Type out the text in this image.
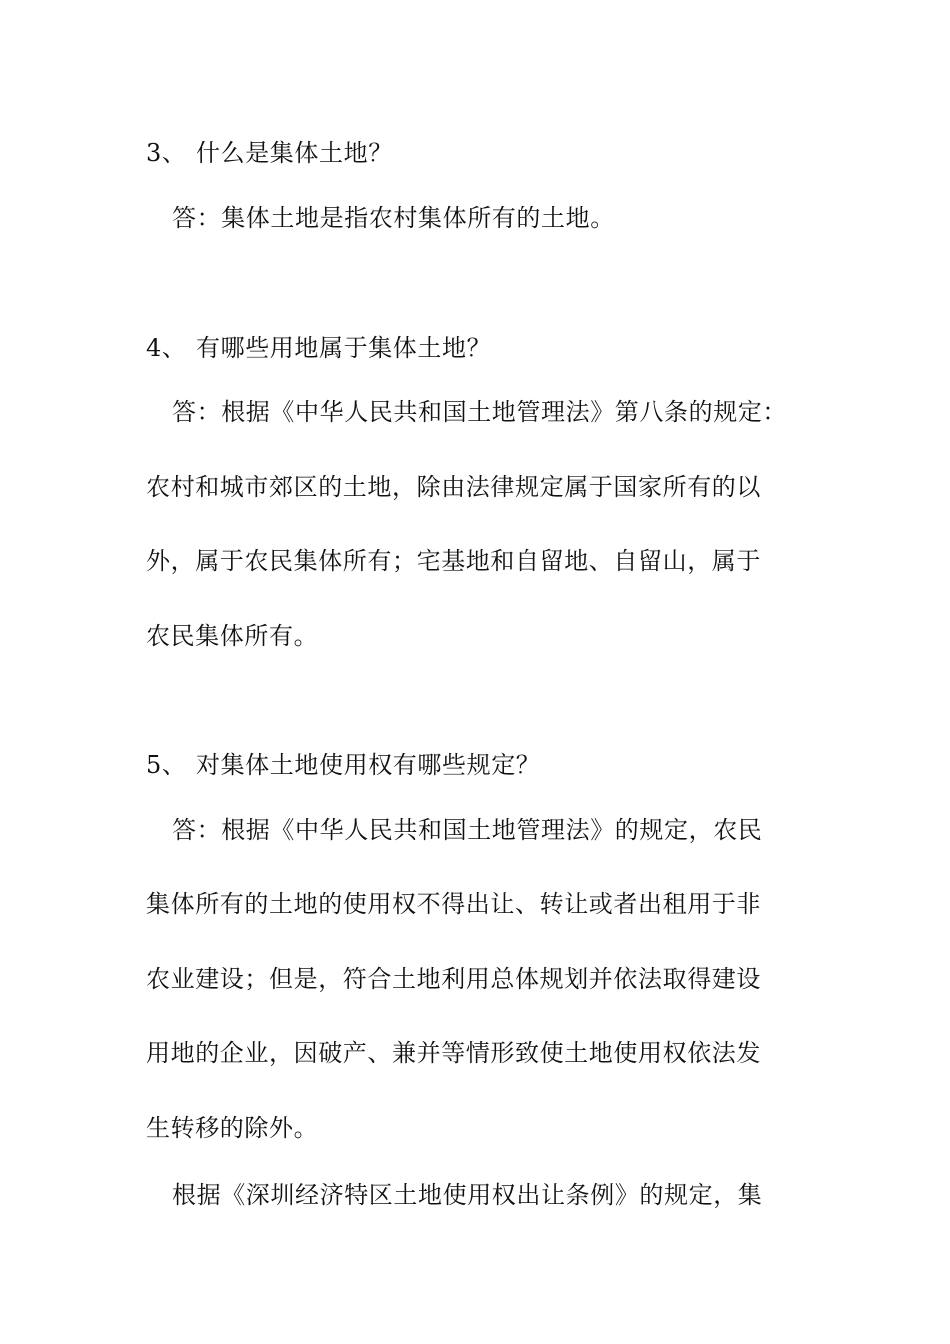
3、 什么是集体土地？
答：集体土地是指农村集体所有的土地。
4、 有哪些用地属于集体土地？
答：根据《中华人民共和国土地管理法》第八条的规定：
农村和城市郊区的土地，除由法律规定属于国家所有的以
外，属于农民集体所有；宅基地和自留地、自留山，属于
农民集体所有。
5、 对集体土地使用权有哪些规定？
答：根据《中华人民共和国土地管理法》的规定，农民
集体所有的土地的使用权不得出让、转让或者出租用于非
农业建设；但是，符合土地利用总体规划并依法取得建设
用地的企业，因破产、兼并等情形致使土地使用权依法发
生转移的除外。
根据《深圳经济特区土地使用权出让条例》的规定，集
